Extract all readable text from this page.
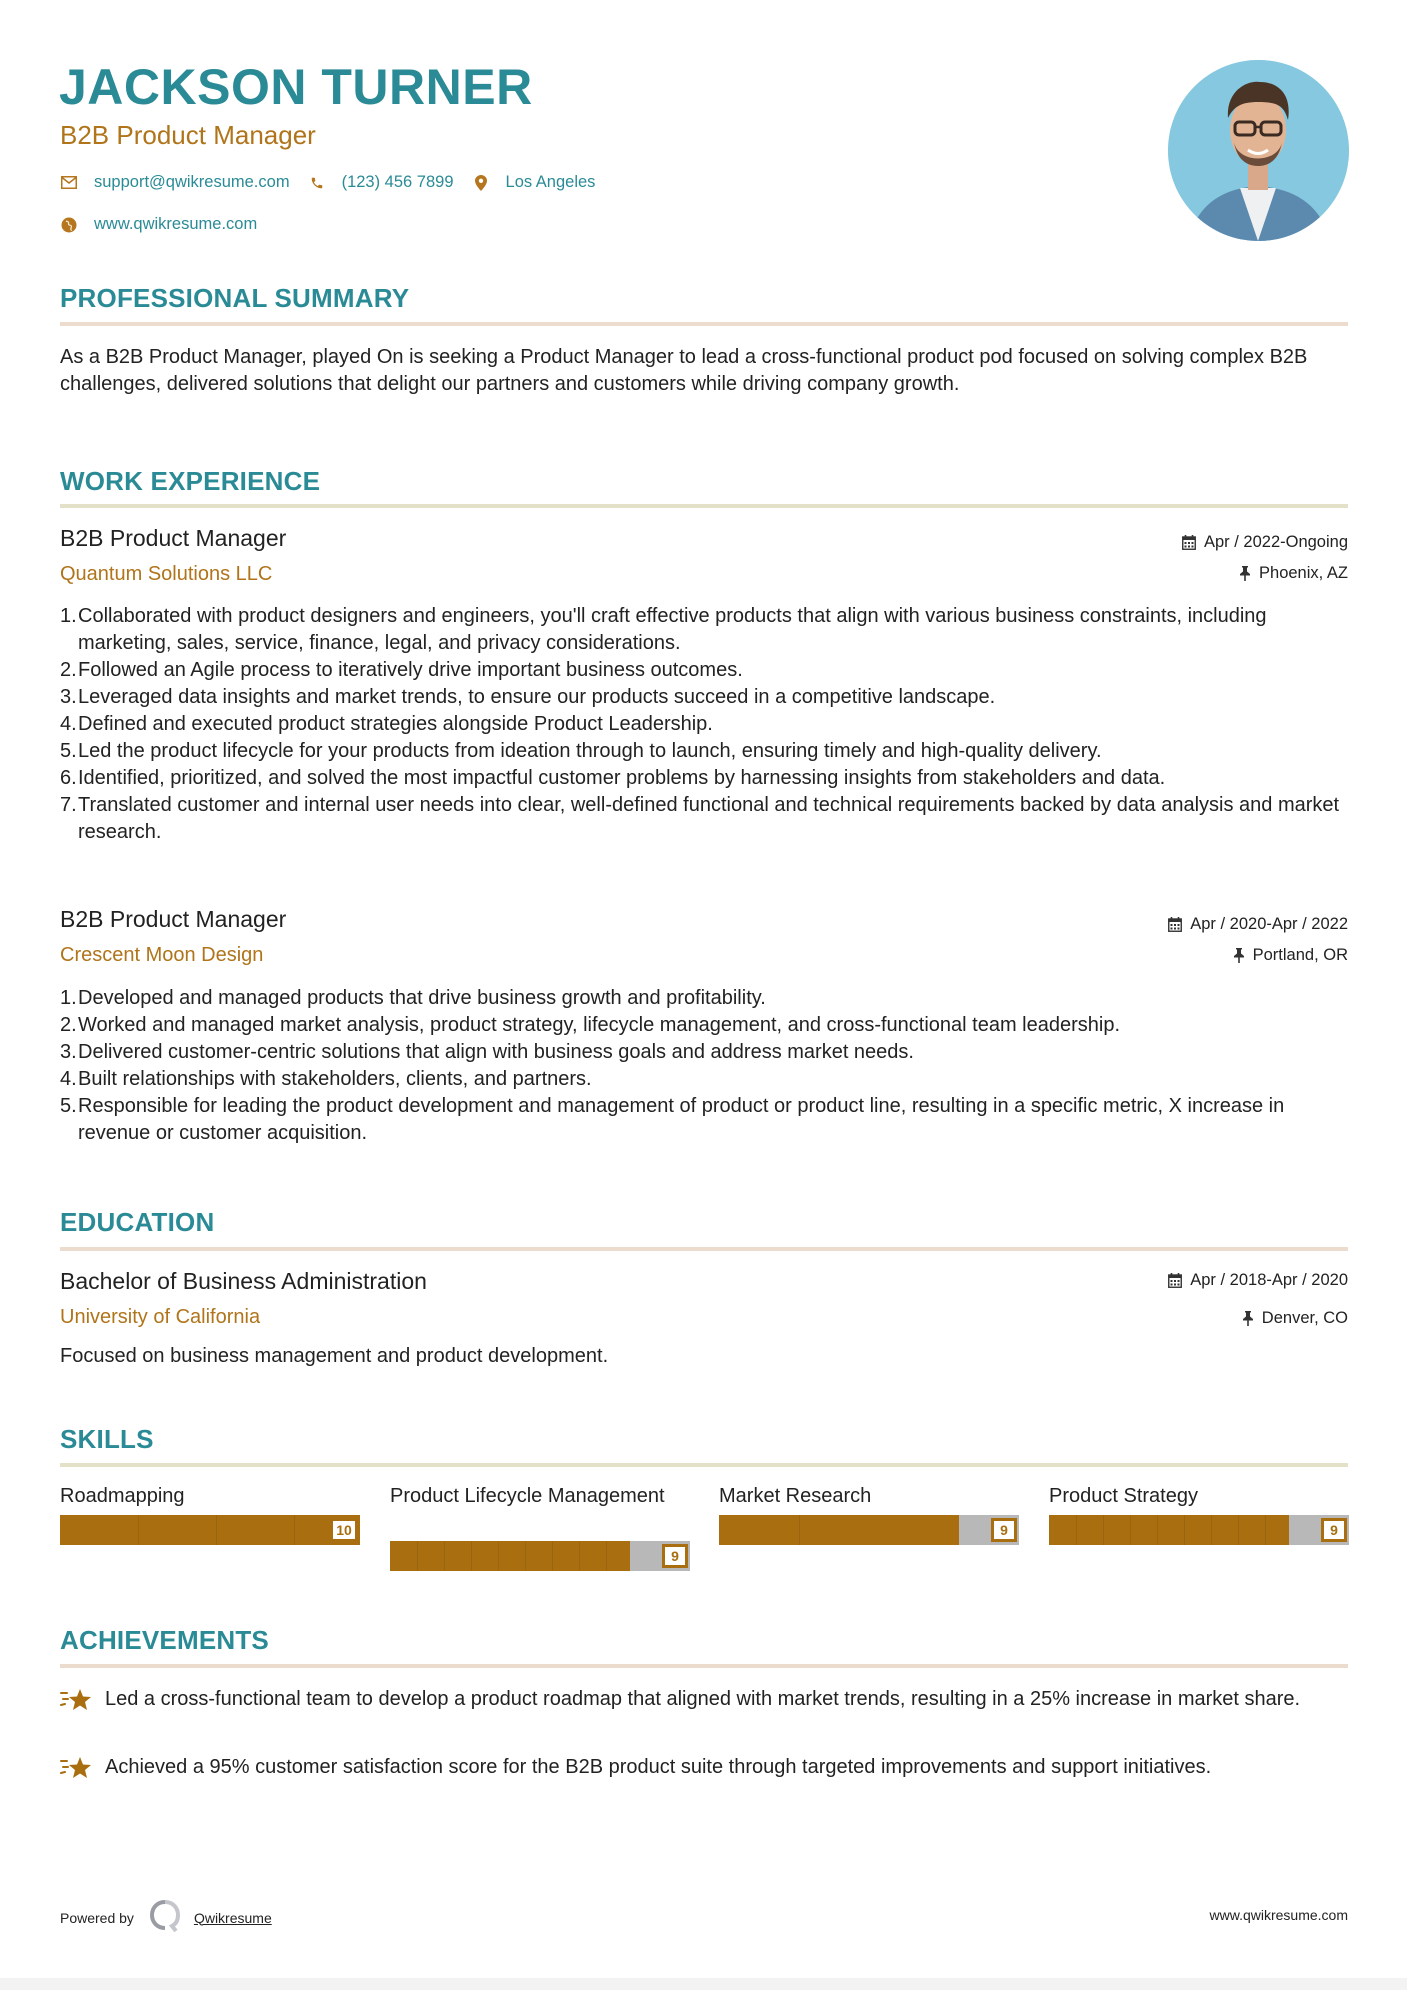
JACKSON TURNER
B2B Product Manager
support@qwikresume.com	(123) 456 7899	Los Angeles
www.qwikresume.com
PROFESSIONAL SUMMARY
As a B2B Product Manager, played On is seeking a Product Manager to lead a cross-functional product pod focused on solving complex B2B challenges, delivered solutions that delight our partners and customers while driving company growth.
WORK EXPERIENCE
B2B Product Manager
Quantum Solutions LLC
Apr / 2022-Ongoing
Phoenix, AZ
1. Collaborated with product designers and engineers, you'll craft effective products that align with various business constraints, including marketing, sales, service, finance, legal, and privacy considerations.
2. Followed an Agile process to iteratively drive important business outcomes.
3. Leveraged data insights and market trends, to ensure our products succeed in a competitive landscape.
4. Defined and executed product strategies alongside Product Leadership.
5. Led the product lifecycle for your products from ideation through to launch, ensuring timely and high-quality delivery.
6. Identified, prioritized, and solved the most impactful customer problems by harnessing insights from stakeholders and data.
7. Translated customer and internal user needs into clear, well-defined functional and technical requirements backed by data analysis and market research.
B2B Product Manager
Crescent Moon Design
Apr / 2020-Apr / 2022
Portland, OR
1. Developed and managed products that drive business growth and profitability.
2. Worked and managed market analysis, product strategy, lifecycle management, and cross-functional team leadership.
3. Delivered customer-centric solutions that align with business goals and address market needs.
4. Built relationships with stakeholders, clients, and partners.
5. Responsible for leading the product development and management of product or product line, resulting in a specific metric, X increase in revenue or customer acquisition.
EDUCATION
Bachelor of Business Administration
University of California
Apr / 2018-Apr / 2020
Denver, CO
Focused on business management and product development.
SKILLS
Roadmapping
10
Product Lifecycle Management
9
Market Research
9
Product Strategy
9
ACHIEVEMENTS
Led a cross-functional team to develop a product roadmap that aligned with market trends, resulting in a 25% increase in market share.
Achieved a 95% customer satisfaction score for the B2B product suite through targeted improvements and support initiatives.
Powered by	Qwikresume	www.qwikresume.com
